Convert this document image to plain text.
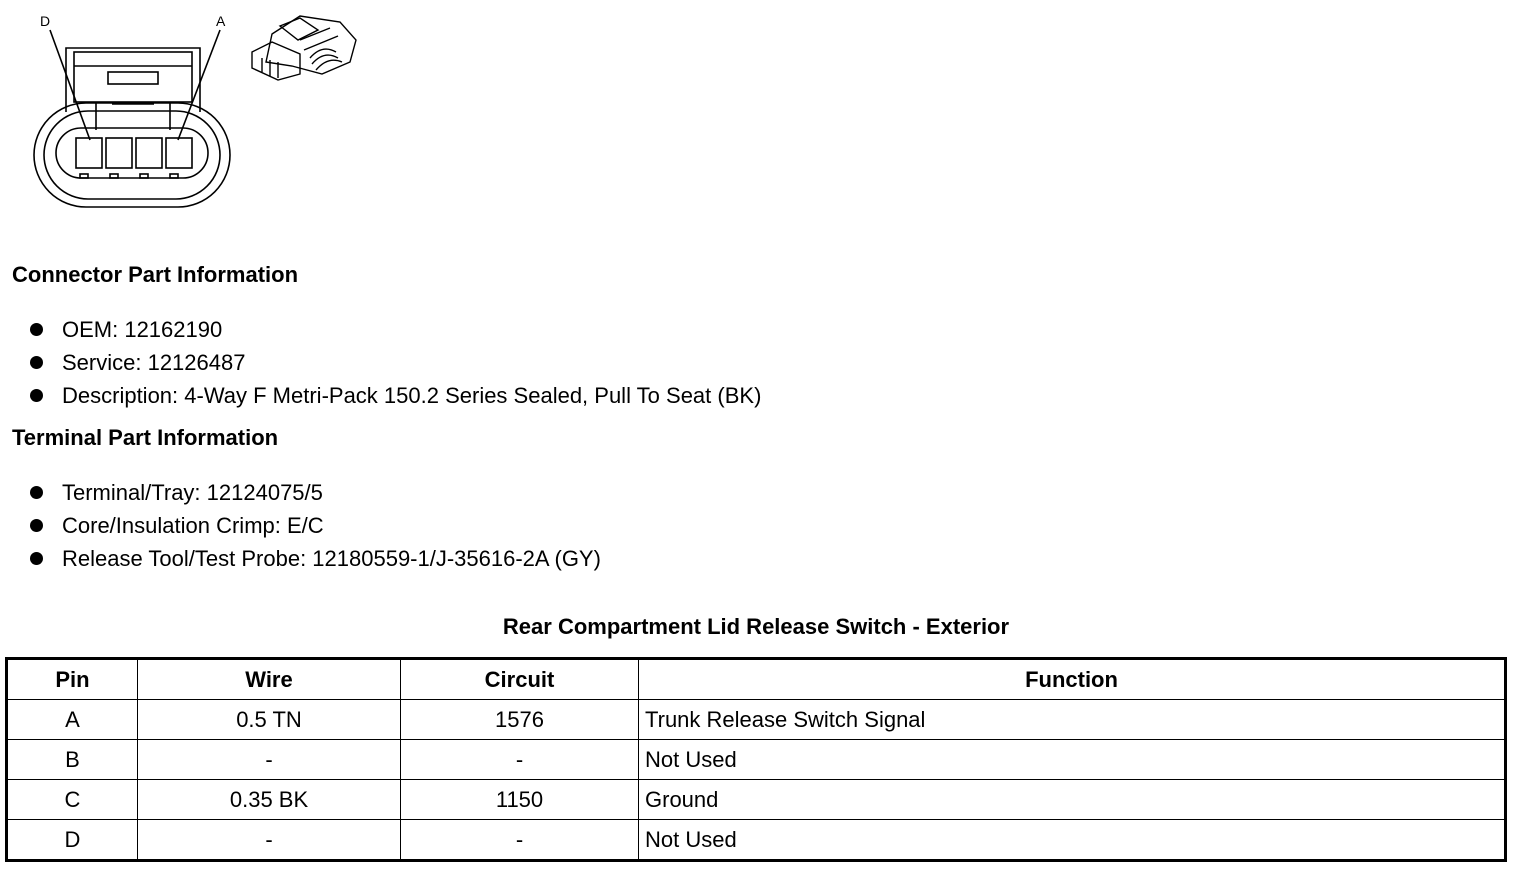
D	A
Connector Part Information
OEM: 12162190
Service: 12126487
Description: 4-Way F Metri-Pack 150.2 Series Sealed, Pull To Seat (BK)
Terminal Part Information
Terminal/Tray: 12124075/5
Core/Insulation Crimp: E/C
Release Tool/Test Probe: 12180559-1/J-35616-2A (GY)
Rear Compartment Lid Release Switch - Exterior
Pin	Wire	Circuit	Function
A	0.5 TN	1576	Trunk Release Switch Signal
B	-	-	Not Used
C	0.35 BK	1150	Ground
D	-	-	Not Used
